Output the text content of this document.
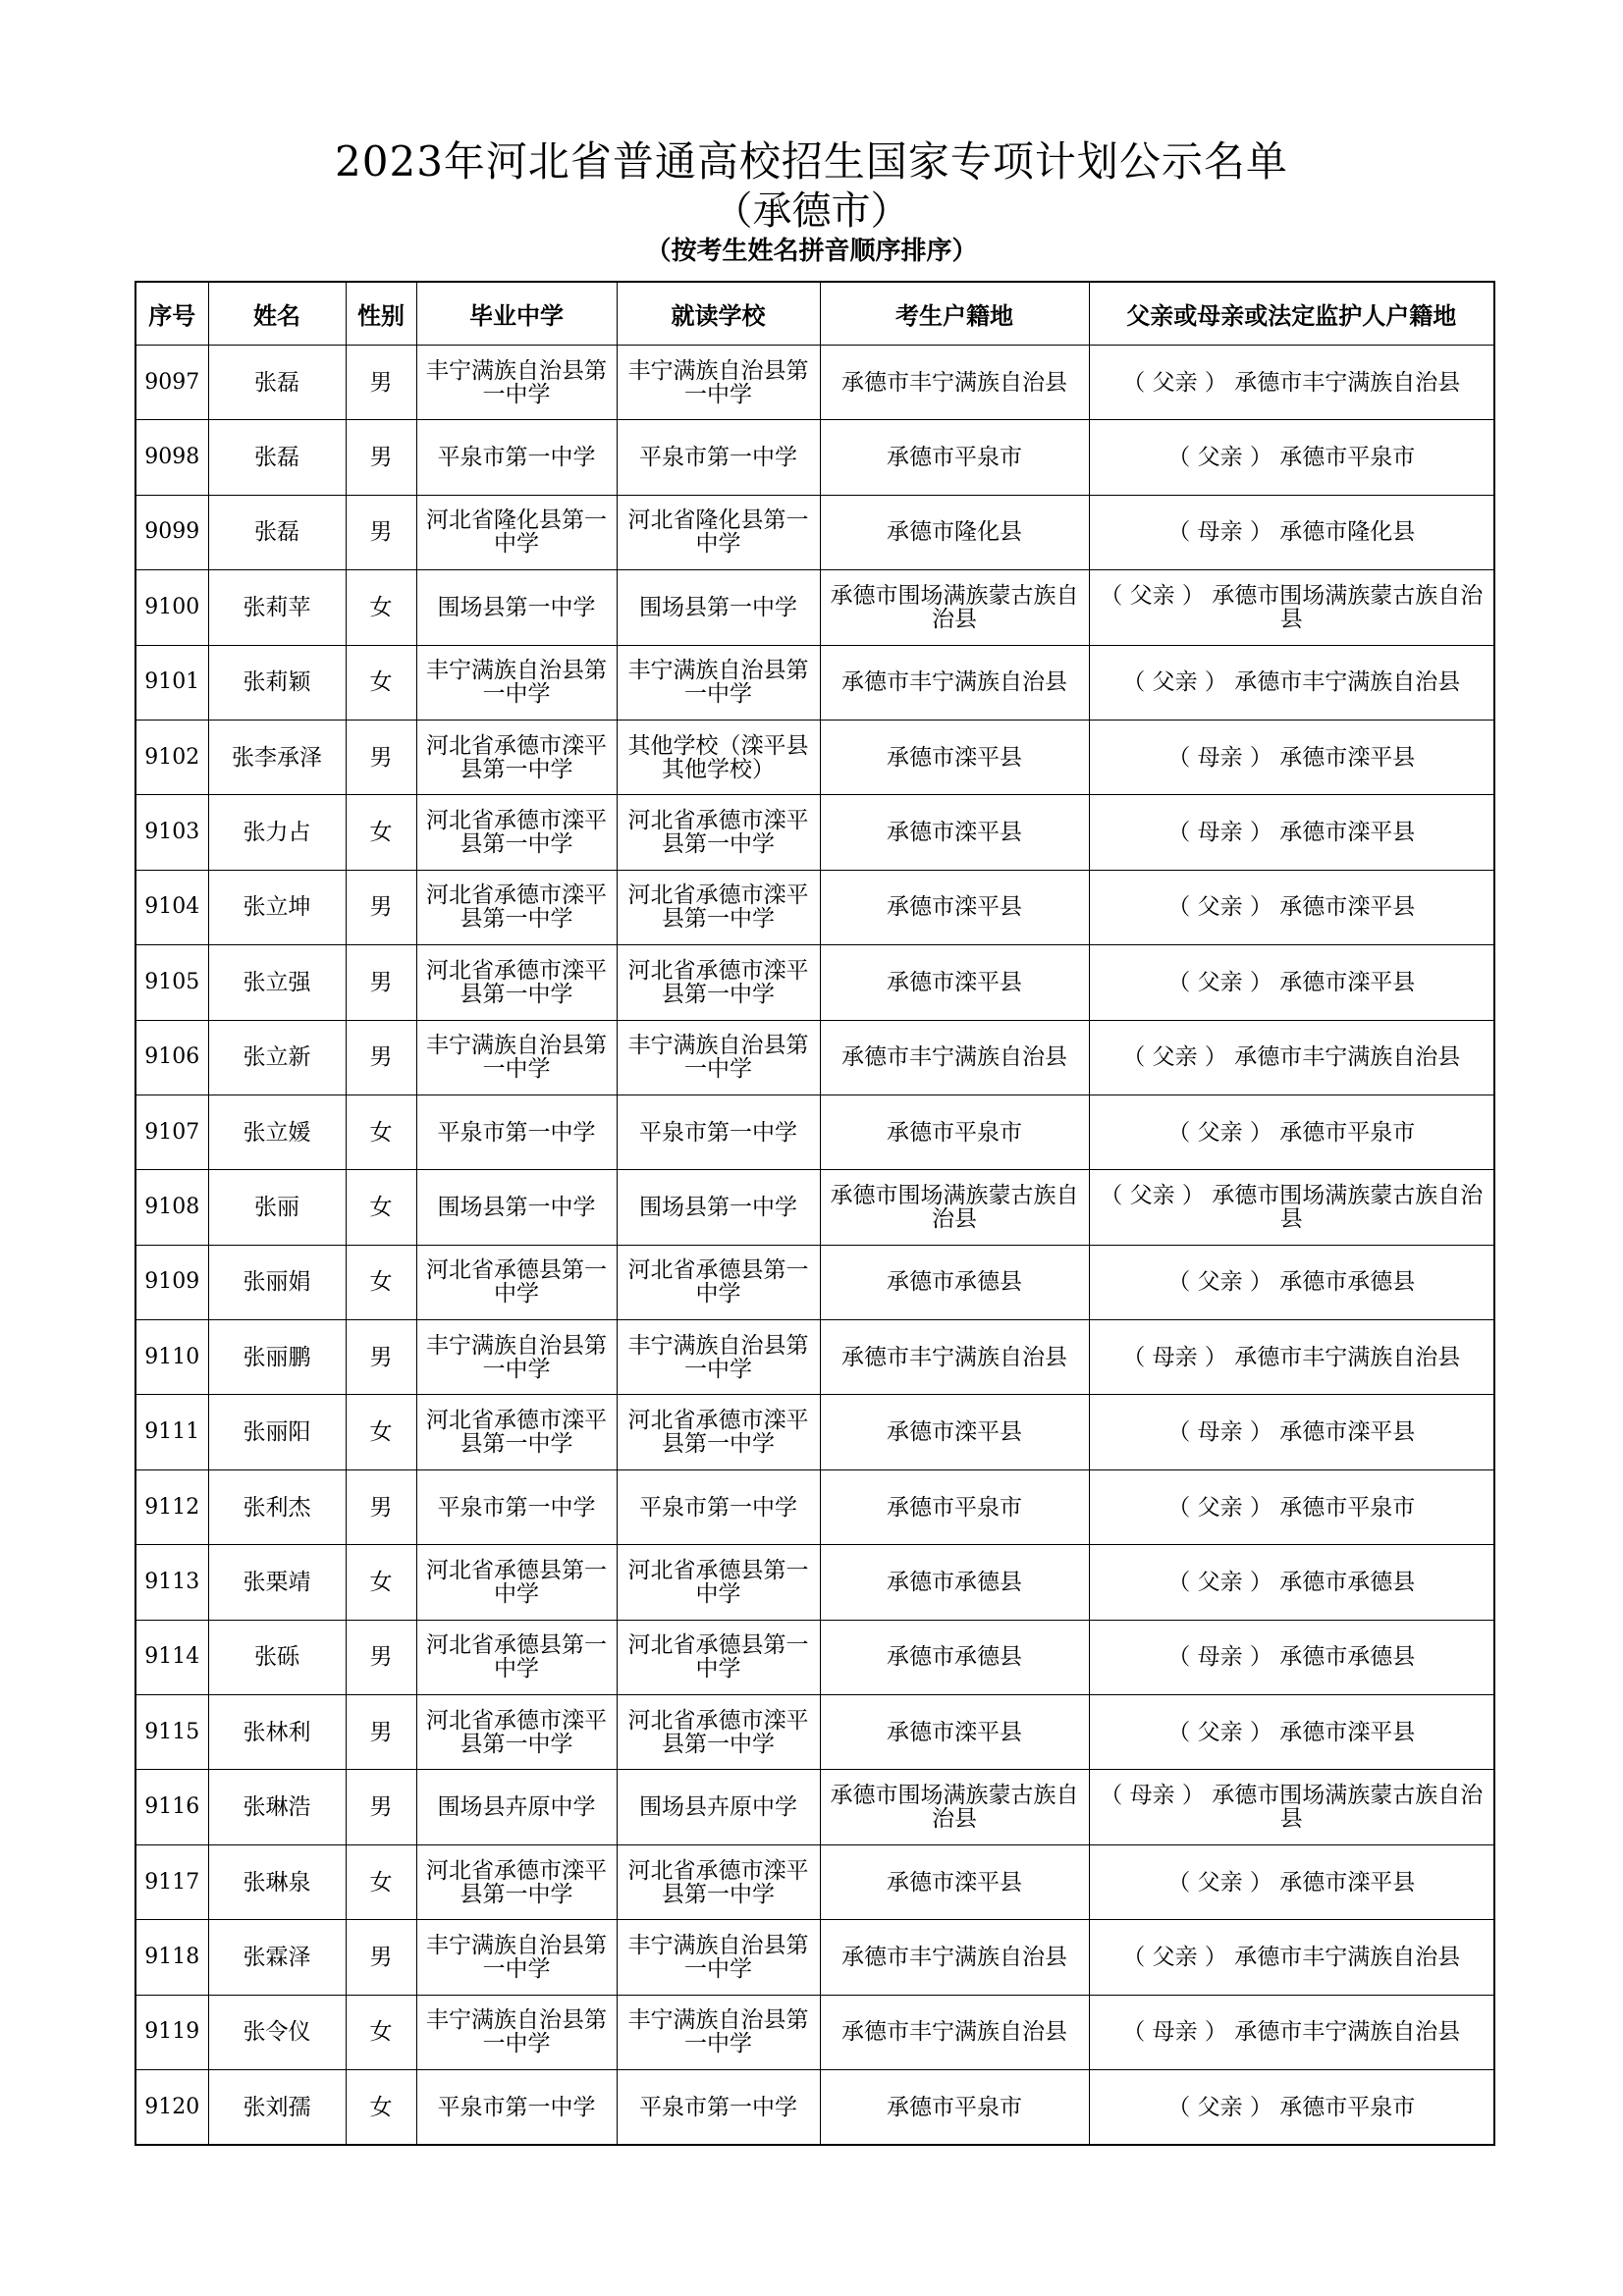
2023年河北省普通高校招生国家专项计划公示名单
（承德市）
（按考生姓名拼音顺序排序）
序号	姓名	性别	毕业中学	就读学校	考生户籍地	父亲或母亲或法定监护人户籍地
9097	张磊	男	丰宁满族自治县第一中学	丰宁满族自治县第一中学	承德市丰宁满族自治县	（ 父亲 ） 承德市丰宁满族自治县
9098	张磊	男	平泉市第一中学	平泉市第一中学	承德市平泉市	（ 父亲 ） 承德市平泉市
9099	张磊	男	河北省隆化县第一中学	河北省隆化县第一中学	承德市隆化县	（ 母亲 ） 承德市隆化县
9100	张莉苹	女	围场县第一中学	围场县第一中学	承德市围场满族蒙古族自治县	（ 父亲 ） 承德市围场满族蒙古族自治县
9101	张莉颖	女	丰宁满族自治县第一中学	丰宁满族自治县第一中学	承德市丰宁满族自治县	（ 父亲 ） 承德市丰宁满族自治县
9102	张李承泽	男	河北省承德市滦平县第一中学	其他学校（滦平县其他学校）	承德市滦平县	（ 母亲 ） 承德市滦平县
9103	张力占	女	河北省承德市滦平县第一中学	河北省承德市滦平县第一中学	承德市滦平县	（ 母亲 ） 承德市滦平县
9104	张立坤	男	河北省承德市滦平县第一中学	河北省承德市滦平县第一中学	承德市滦平县	（ 父亲 ） 承德市滦平县
9105	张立强	男	河北省承德市滦平县第一中学	河北省承德市滦平县第一中学	承德市滦平县	（ 父亲 ） 承德市滦平县
9106	张立新	男	丰宁满族自治县第一中学	丰宁满族自治县第一中学	承德市丰宁满族自治县	（ 父亲 ） 承德市丰宁满族自治县
9107	张立媛	女	平泉市第一中学	平泉市第一中学	承德市平泉市	（ 父亲 ） 承德市平泉市
9108	张丽	女	围场县第一中学	围场县第一中学	承德市围场满族蒙古族自治县	（ 父亲 ） 承德市围场满族蒙古族自治县
9109	张丽娟	女	河北省承德县第一中学	河北省承德县第一中学	承德市承德县	（ 父亲 ） 承德市承德县
9110	张丽鹏	男	丰宁满族自治县第一中学	丰宁满族自治县第一中学	承德市丰宁满族自治县	（ 母亲 ） 承德市丰宁满族自治县
9111	张丽阳	女	河北省承德市滦平县第一中学	河北省承德市滦平县第一中学	承德市滦平县	（ 母亲 ） 承德市滦平县
9112	张利杰	男	平泉市第一中学	平泉市第一中学	承德市平泉市	（ 父亲 ） 承德市平泉市
9113	张栗靖	女	河北省承德县第一中学	河北省承德县第一中学	承德市承德县	（ 父亲 ） 承德市承德县
9114	张砾	男	河北省承德县第一中学	河北省承德县第一中学	承德市承德县	（ 母亲 ） 承德市承德县
9115	张林利	男	河北省承德市滦平县第一中学	河北省承德市滦平县第一中学	承德市滦平县	（ 父亲 ） 承德市滦平县
9116	张琳浩	男	围场县卉原中学	围场县卉原中学	承德市围场满族蒙古族自治县	（ 母亲 ） 承德市围场满族蒙古族自治县
9117	张琳泉	女	河北省承德市滦平县第一中学	河北省承德市滦平县第一中学	承德市滦平县	（ 父亲 ） 承德市滦平县
9118	张霖泽	男	丰宁满族自治县第一中学	丰宁满族自治县第一中学	承德市丰宁满族自治县	（ 父亲 ） 承德市丰宁满族自治县
9119	张令仪	女	丰宁满族自治县第一中学	丰宁满族自治县第一中学	承德市丰宁满族自治县	（ 母亲 ） 承德市丰宁满族自治县
9120	张刘孺	女	平泉市第一中学	平泉市第一中学	承德市平泉市	（ 父亲 ） 承德市平泉市
